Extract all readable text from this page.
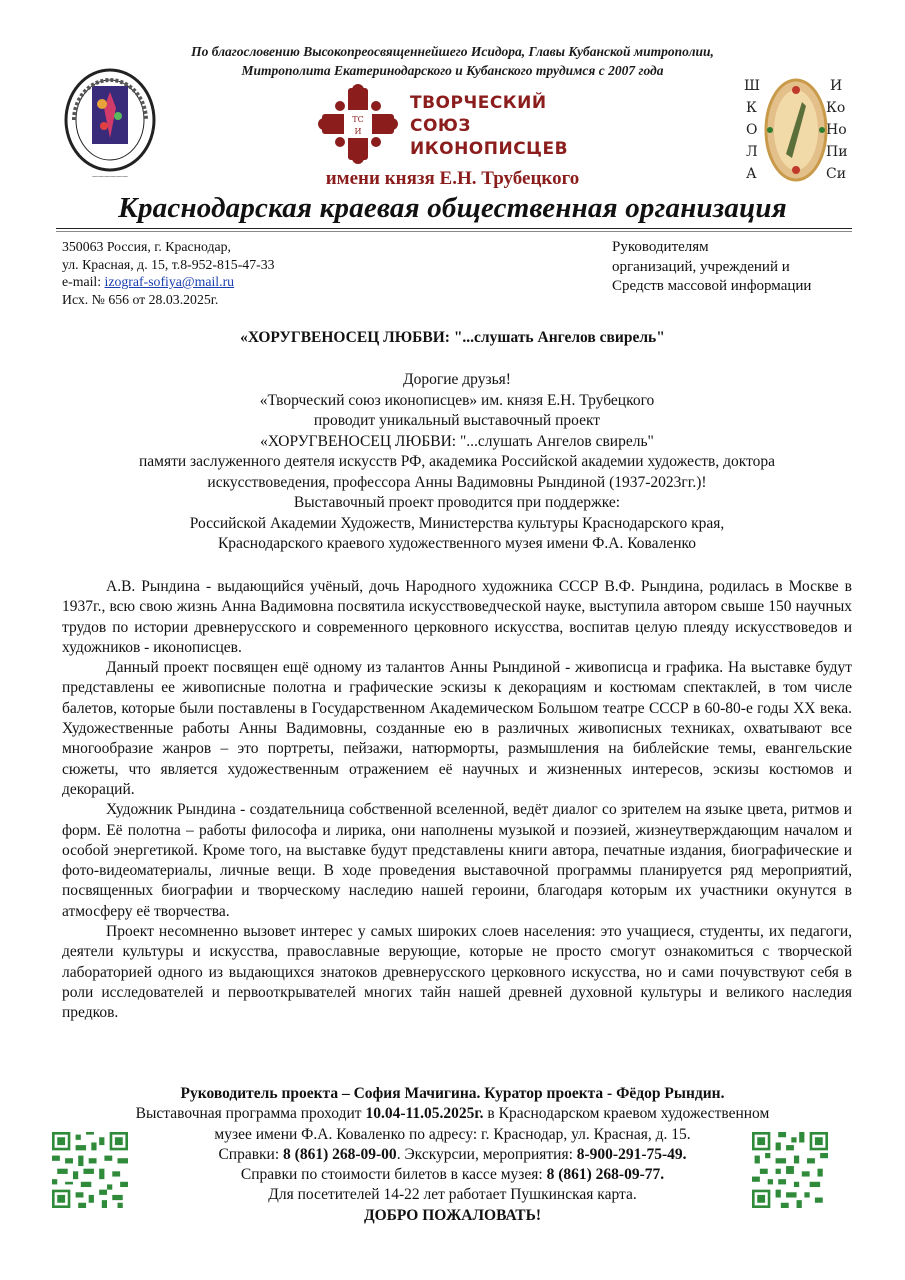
По благословению Высокопреосвященнейшего Исидора, Главы Кубанской митрополии,
Митрополита Екатеринодарского и Кубанского трудимся с 2007 года
——————
ТС
И
ТВОРЧЕСКИЙ
СОЮЗ
ИКОНОПИСЦЕВ
Ш
К
О
Л
А
И
Ко
Но
Пи
Си
имени князя Е.Н. Трубецкого
Краснодарская краевая общественная организация
350063 Россия, г. Краснодар,
ул. Красная, д. 15, т.8-952-815-47-33
e-mail: izograf-sofiya@mail.ru
Исх. № 656 от 28.03.2025г.
Руководителям
организаций, учреждений и
Средств массовой информации
«ХОРУГВЕНОСЕЦ ЛЮБВИ: "...слушать Ангелов свирель"
Дорогие друзья!
«Творческий союз иконописцев» им. князя Е.Н. Трубецкого
проводит уникальный выставочный проект
«ХОРУГВЕНОСЕЦ ЛЮБВИ: "...слушать Ангелов свирель"
памяти заслуженного деятеля искусств РФ, академика Российской академии художеств, доктора
искусствоведения, профессора Анны Вадимовны Рындиной (1937-2023гг.)!
Выставочный проект проводится при поддержке:
Российской Академии Художеств, Министерства культуры Краснодарского края,
Краснодарского краевого художественного музея имени Ф.А. Коваленко

А.В. Рындина - выдающийся учёный, дочь Народного художника СССР В.Ф. Рындина, родилась в Москве в 1937г., всю свою жизнь Анна Вадимовна посвятила искусствоведческой науке, выступила автором свыше 150 научных трудов по истории древнерусского и современного церковного искусства, воспитав целую плеяду искусствоведов и художников - иконописцев.

Данный проект посвящен ещё одному из талантов Анны Рындиной - живописца и графика. На выставке будут представлены ее живописные полотна и графические эскизы к декорациям и костюмам спектаклей, в том числе балетов, которые были поставлены в Государственном Академическом Большом театре СССР в 60-80-е годы XX века. Художественные работы Анны Вадимовны, созданные ею в различных живописных техниках, охватывают все многообразие жанров – это портреты, пейзажи, натюрморты, размышления на библейские темы, евангельские сюжеты, что является художественным отражением её научных и жизненных интересов, эскизы костюмов и декораций.

Художник Рындина - создательница собственной вселенной, ведёт диалог со зрителем на языке цвета, ритмов и форм. Её полотна – работы философа и лирика, они наполнены музыкой и поэзией, жизнеутверждающим началом и особой энергетикой. Кроме того, на выставке будут представлены книги автора, печатные издания, биографические и фото-видеоматериалы, личные вещи. В ходе проведения выставочной программы планируется ряд мероприятий, посвященных биографии и творческому наследию нашей героини, благодаря которым их участники окунутся в атмосферу её творчества.

Проект несомненно вызовет интерес у самых широких слоев населения: это учащиеся, студенты, их педагоги, деятели культуры и искусства, православные верующие, которые не просто смогут ознакомиться с творческой лабораторией одного из выдающихся знатоков древнерусского церковного искусства, но и сами почувствуют себя в роли исследователей и первооткрывателей многих тайн нашей древней духовной культуры и великого наследия предков.

Руководитель проекта – София Мачигина. Куратор проекта - Фёдор Рындин.
Выставочная программа проходит 10.04-11.05.2025г. в Краснодарском краевом художественном
музее имени Ф.А. Коваленко по адресу: г. Краснодар, ул. Красная, д. 15.
Справки: 8 (861) 268-09-00. Экскурсии, мероприятия: 8-900-291-75-49.
Справки по стоимости билетов в кассе музея: 8 (861) 268-09-77.
Для посетителей 14-22 лет работает Пушкинская карта.
ДОБРО ПОЖАЛОВАТЬ!
